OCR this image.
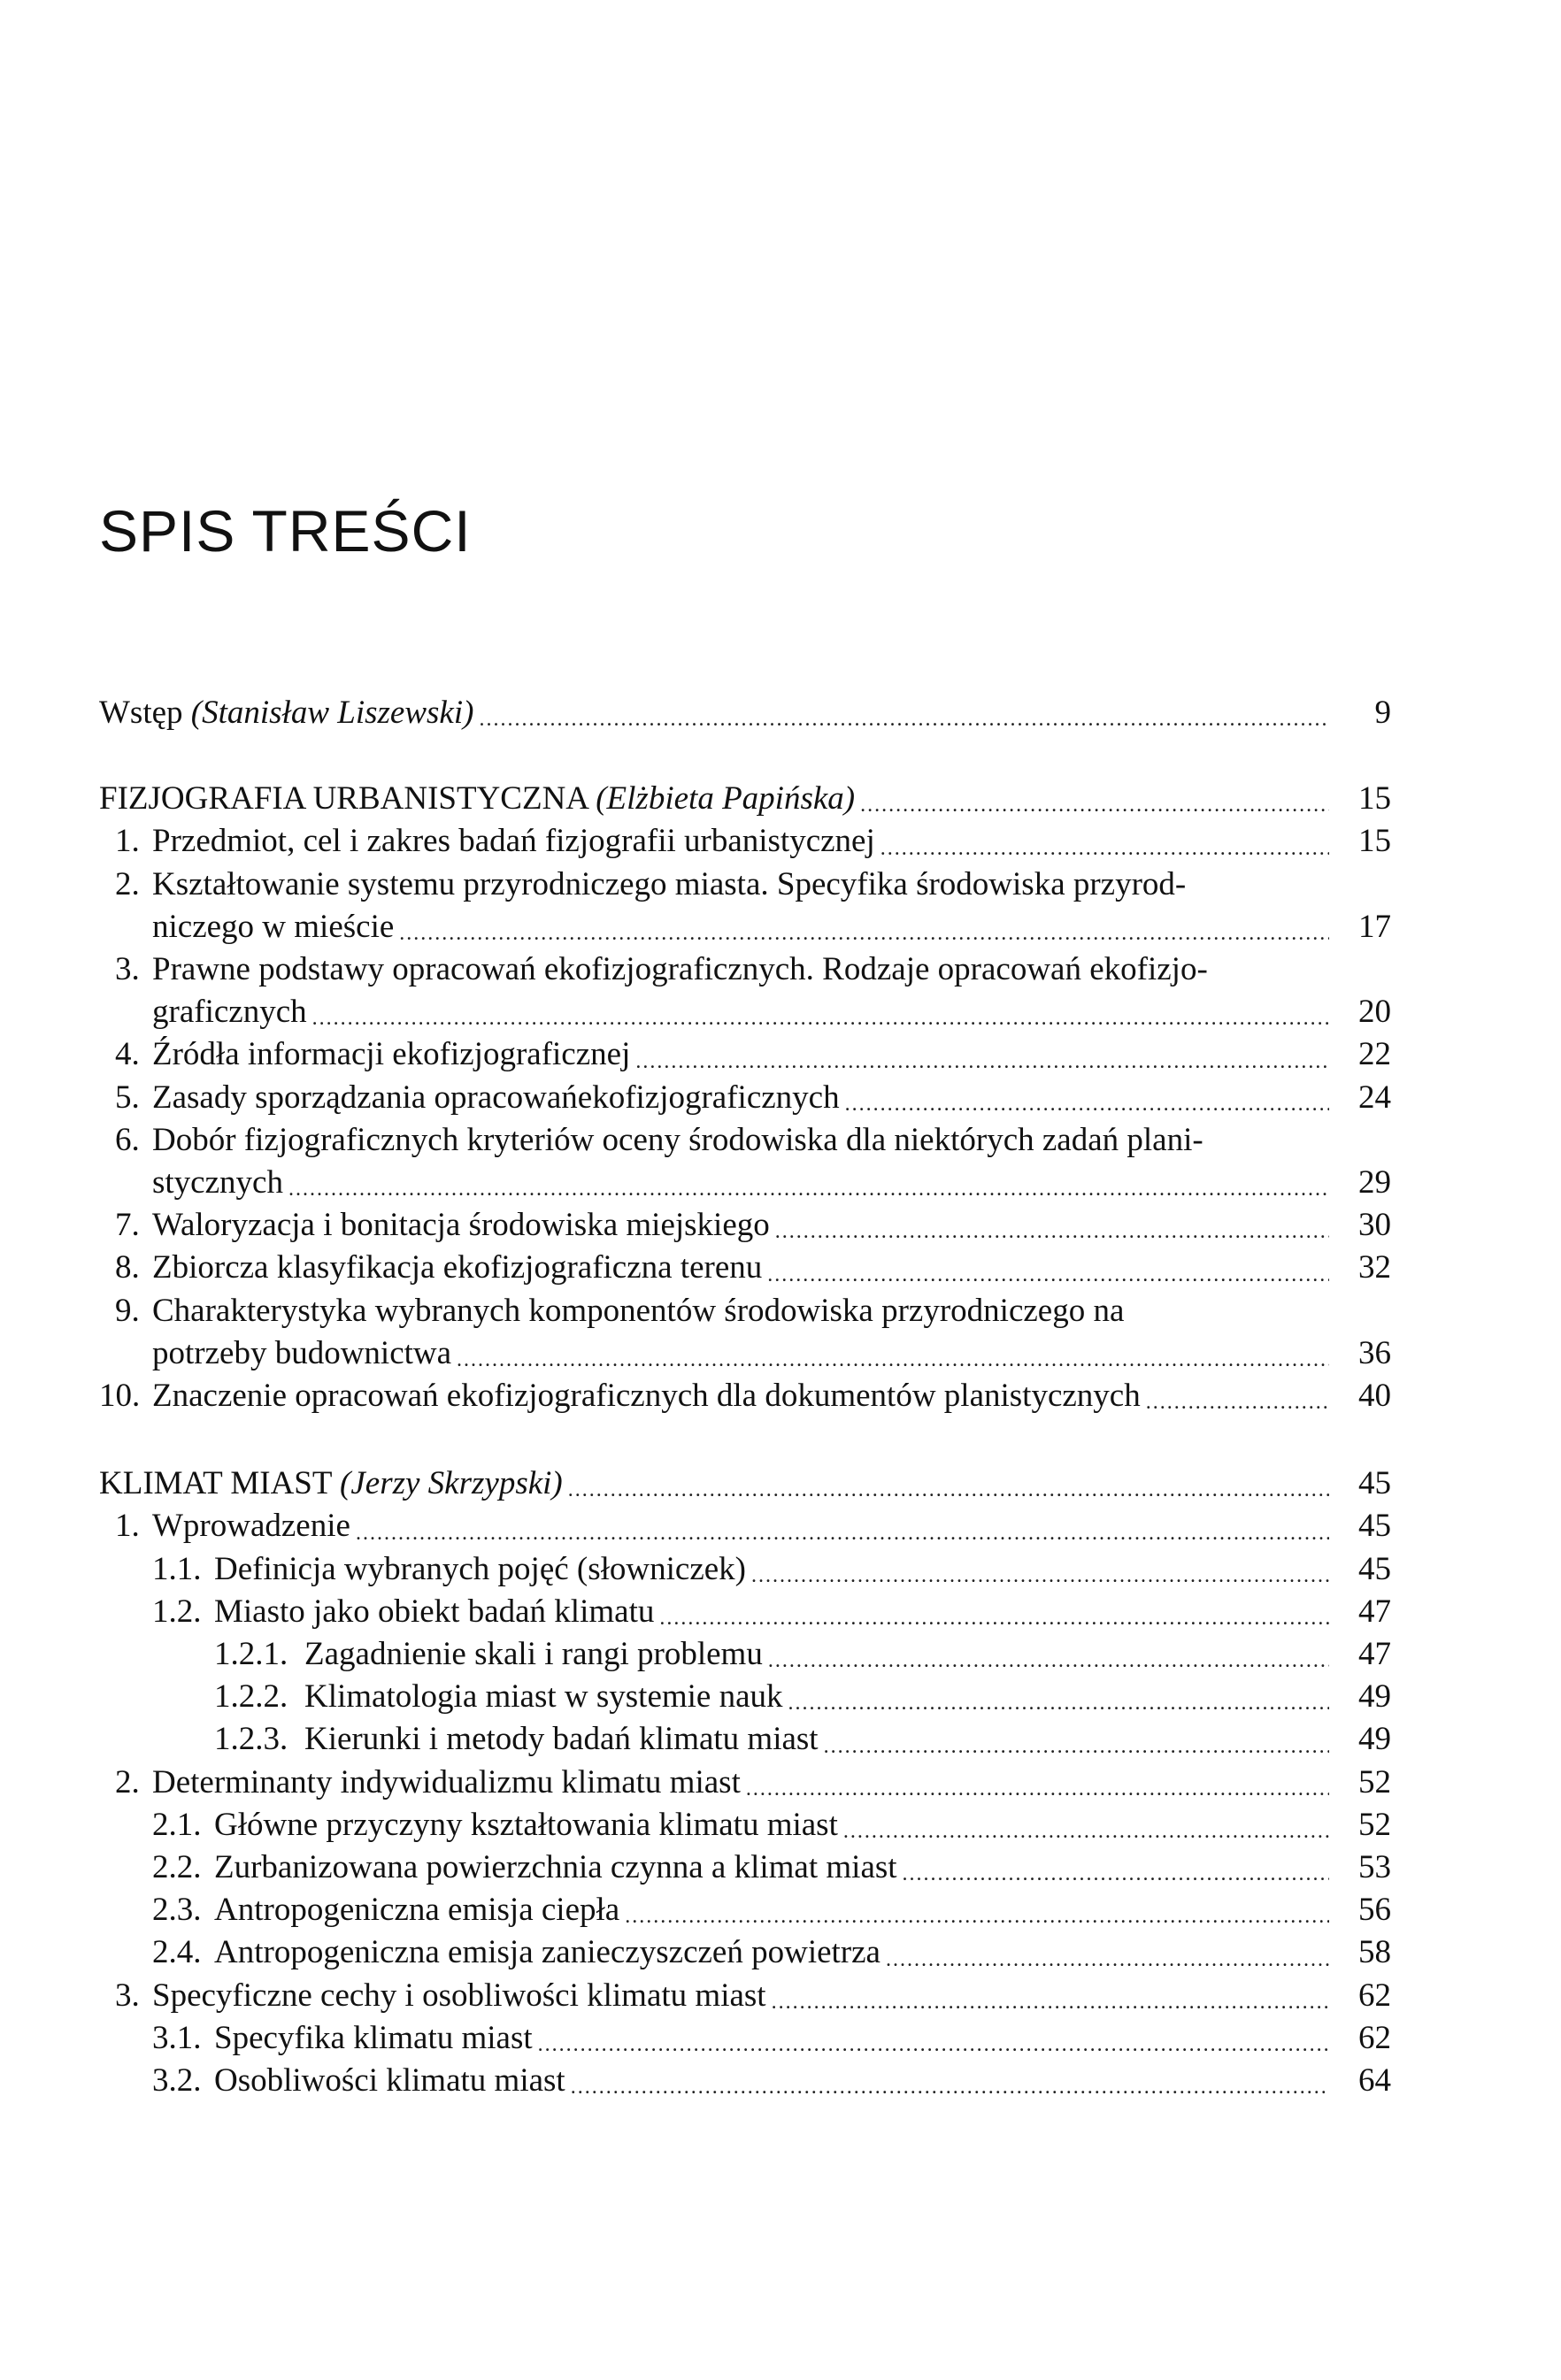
SPIS TREŚCI
Wstęp (Stanisław Liszewski) .....	9
FIZJOGRAFIA URBANISTYCZNA (Elżbieta Papińska) .....	15
1. Przedmiot, cel i zakres badań fizjografii urbanistycznej .....	15
2. Kształtowanie systemu przyrodniczego miasta. Specyfika środowiska przyrod-
niczego w mieście .....	17
3. Prawne podstawy opracowań ekofizjograficznych. Rodzaje opracowań ekofizjo-
graficznych .....	20
4. Źródła informacji ekofizjograficznej .....	22
5. Zasady sporządzania opracowańekofizjograficznych .....	24
6. Dobór fizjograficznych kryteriów oceny środowiska dla niektórych zadań plani-
stycznych .....	29
7. Waloryzacja i bonitacja środowiska miejskiego .....	30
8. Zbiorcza klasyfikacja ekofizjograficzna terenu .....	32
9. Charakterystyka wybranych komponentów środowiska przyrodniczego na
potrzeby budownictwa .....	36
10. Znaczenie opracowań ekofizjograficznych dla dokumentów planistycznych .....	40
KLIMAT MIAST (Jerzy Skrzypski) .....	45
1. Wprowadzenie .....	45
1.1. Definicja wybranych pojęć (słowniczek) .....	45
1.2. Miasto jako obiekt badań klimatu .....	47
1.2.1. Zagadnienie skali i rangi problemu .....	47
1.2.2. Klimatologia miast w systemie nauk .....	49
1.2.3. Kierunki i metody badań klimatu miast .....	49
2. Determinanty indywidualizmu klimatu miast .....	52
2.1. Główne przyczyny kształtowania klimatu miast .....	52
2.2. Zurbanizowana powierzchnia czynna a klimat miast .....	53
2.3. Antropogeniczna emisja ciepła .....	56
2.4. Antropogeniczna emisja zanieczyszczeń powietrza .....	58
3. Specyficzne cechy i osobliwości klimatu miast .....	62
3.1. Specyfika klimatu miast .....	62
3.2. Osobliwości klimatu miast .....	64
